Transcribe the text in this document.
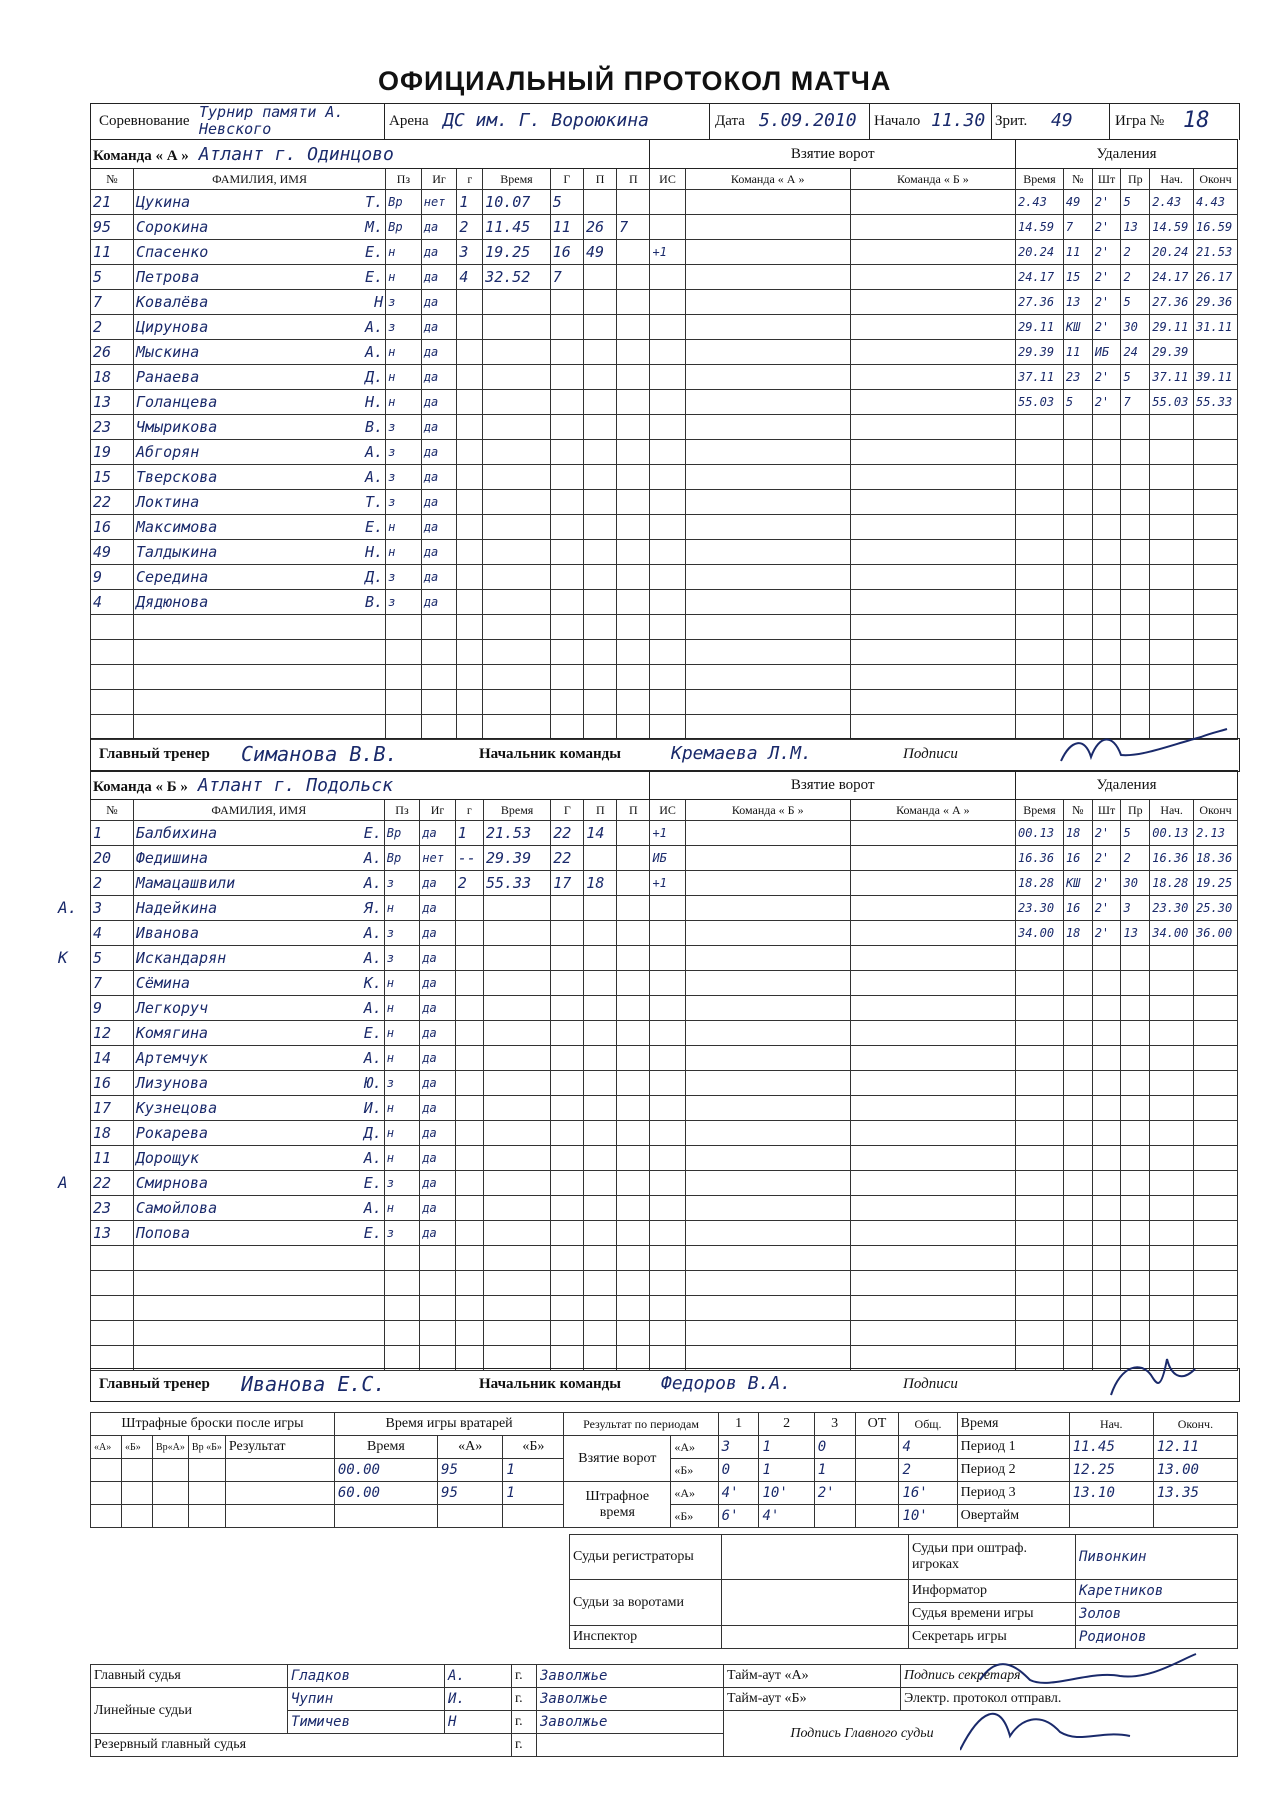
ОФИЦИАЛЬНЫЙ ПРОТОКОЛ МАТЧА
Соревнование Турнир памяти А. Невского	Арена ДС им. Г. Вороюкина	Дата 5.09.2010 Начало 11.30 Зрит. 49	Игра № 18
Команда « А » Атлант г. Одинцово									Взятие ворот			Удаления					
№	ФАМИЛИЯ, ИМЯ	Пз	Иг	г	Время	Г	П	П	ИС	Команда « А »	Команда « Б »	Время	№	Шт	Пр	Нач.	Оконч
21	Цукина Т.	Вр	нет	1	10.07	5						2.43	49	2'	5	2.43	4.43
95	Сорокина М.	Вр	да	2	11.45	11	26	7				14.59	7	2'	13	14.59	16.59
11	Спасенко Е.	н	да	3	19.25	16	49		+1			20.24	11	2'	2	20.24	21.53
5	Петрова Е.	н	да	4	32.52	7						24.17	15	2'	2	24.17	26.17
7	Ковалёва Н	з	да									27.36	13	2'	5	27.36	29.36
2	Цирунова А.	з	да									29.11	КШ	2'	30	29.11	31.11
26	Мыскина А.	н	да									29.39	11	ИБ	24	29.39	
18	Ранаева Д.	н	да									37.11	23	2'	5	37.11	39.11
13	Голанцева Н.	н	да									55.03	5	2'	7	55.03	55.33
23	Чмырикова В.	з	да														
19	Абгорян А.	з	да														
15	Тверскова А.	з	да														
22	Локтина Т.	з	да														
16	Максимова Е.	н	да														
49	Талдыкина Н.	н	да														
9	Середина Д.	з	да														
4	Дядюнова В.	з	да														

Главный тренер Симанова В.В.	Начальник команды	Кремаева Л.М.	Подписи
Команда « Б » Атлант г. Подольск									Взятие ворот			Удаления					
№	ФАМИЛИЯ, ИМЯ	Пз	Иг	г	Время	Г	П	П	ИС	Команда « Б »	Команда « А »	Время	№	Шт	Пр	Нач.	Оконч
1	Балбихина Е.	Вр	да	1	21.53	22	14		+1			00.13	18	2'	5	00.13	2.13
20	Федишина А.	Вр	нет	--	29.39	22			ИБ			16.36	16	2'	2	16.36	18.36
2	Мамацашвили А.	з	да	2	55.33	17	18		+1			18.28	КШ	2'	30	18.28	19.25
3	Надейкина Я.	н	да									23.30	16	2'	3	23.30	25.30
4	Иванова А.	з	да									34.00	18	2'	13	34.00	36.00
5	Искандарян А.	з	да														
7	Сёмина К.	н	да														
9	Легкоруч А.	н	да														
12	Комягина Е.	н	да														
14	Артемчук А.	н	да														
16	Лизунова Ю.	з	да														
17	Кузнецова И.	н	да														
18	Рокарева Д.	н	да														
11	Дорощук А.	н	да														
22	Смирнова Е.	з	да														
23	Самойлова А.	н	да														
13	Попова Е.	з	да														

Главный тренер Иванова Е.С.	Начальник команды Федоров В.А.	Подписи
А.
К
А
Штрафные броски после игры					Время игры вратарей			Результат по периодам		1	2	3	ОТ	Общ.	Время	Нач.	Оконч.
«А»	«Б»	Вр«А»	Вр «Б»	Результат	Время	«А»	«Б»	Взятие ворот	«А»	3	1	0		4	Период 1	11.45	12.11
					00.00	95	1		«Б»	0	1	1		2	Период 2	12.25	13.00
					60.00	95	1	Штрафное время	«А»	4'	10'	2'		16'	Период 3	13.10	13.35
									«Б»	6'	4'			10'	Овертайм		
	Судьи регистраторы		Судьи при оштраф. игроках	Пивонкин
	Судьи за воротами		Информатор	Каретников
			Судья времени игры	Золов
	Инспектор		Секретарь игры	Родионов
Главный судья	Гладков	А.	г.	Заволжье	Тайм-аут «А»	Подпись секретаря
Линейные судьи	Чупин	И.	г.	Заволжье	Тайм-аут «Б»	Электр. протокол отправл.
	Тимичев	Н	г.	Заволжье	Подпись Главного судьи	
Резервный главный судья			г.			
